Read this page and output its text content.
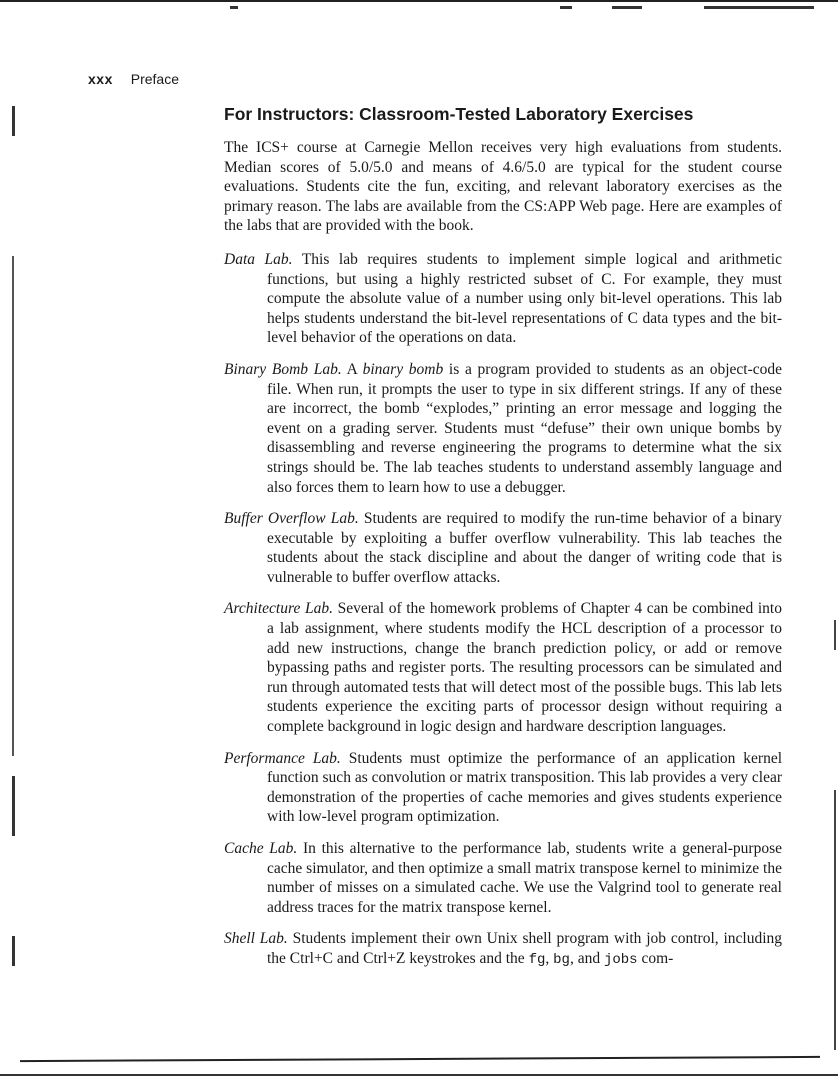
xxx Preface
For Instructors: Classroom-Tested Laboratory Exercises

The ICS+ course at Carnegie Mellon receives very high evaluations from students. Median scores of 5.0/5.0 and means of 4.6/5.0 are typical for the student course evaluations. Students cite the fun, exciting, and relevant laboratory exercises as the primary reason. The labs are available from the CS:APP Web page. Here are examples of the labs that are provided with the book.

Data Lab. This lab requires students to implement simple logical and arithmetic functions, but using a highly restricted subset of C. For example, they must compute the absolute value of a number using only bit-level operations. This lab helps students understand the bit-level representations of C data types and the bit-level behavior of the operations on data.

Binary Bomb Lab. A binary bomb is a program provided to students as an object-code file. When run, it prompts the user to type in six different strings. If any of these are incorrect, the bomb “explodes,” printing an error message and logging the event on a grading server. Students must “defuse” their own unique bombs by disassembling and reverse engineering the programs to determine what the six strings should be. The lab teaches students to understand assembly language and also forces them to learn how to use a debugger.

Buffer Overflow Lab. Students are required to modify the run-time behavior of a binary executable by exploiting a buffer overflow vulnerability. This lab teaches the students about the stack discipline and about the danger of writing code that is vulnerable to buffer overflow attacks.

Architecture Lab. Several of the homework problems of Chapter 4 can be combined into a lab assignment, where students modify the HCL description of a processor to add new instructions, change the branch prediction policy, or add or remove bypassing paths and register ports. The resulting processors can be simulated and run through automated tests that will detect most of the possible bugs. This lab lets students experience the exciting parts of processor design without requiring a complete background in logic design and hardware description languages.

Performance Lab. Students must optimize the performance of an application kernel function such as convolution or matrix transposition. This lab provides a very clear demonstration of the properties of cache memories and gives students experience with low-level program optimization.

Cache Lab. In this alternative to the performance lab, students write a general-purpose cache simulator, and then optimize a small matrix transpose kernel to minimize the number of misses on a simulated cache. We use the Valgrind tool to generate real address traces for the matrix transpose kernel.

Shell Lab. Students implement their own Unix shell program with job control, including the Ctrl+C and Ctrl+Z keystrokes and the fg, bg, and jobs com-
